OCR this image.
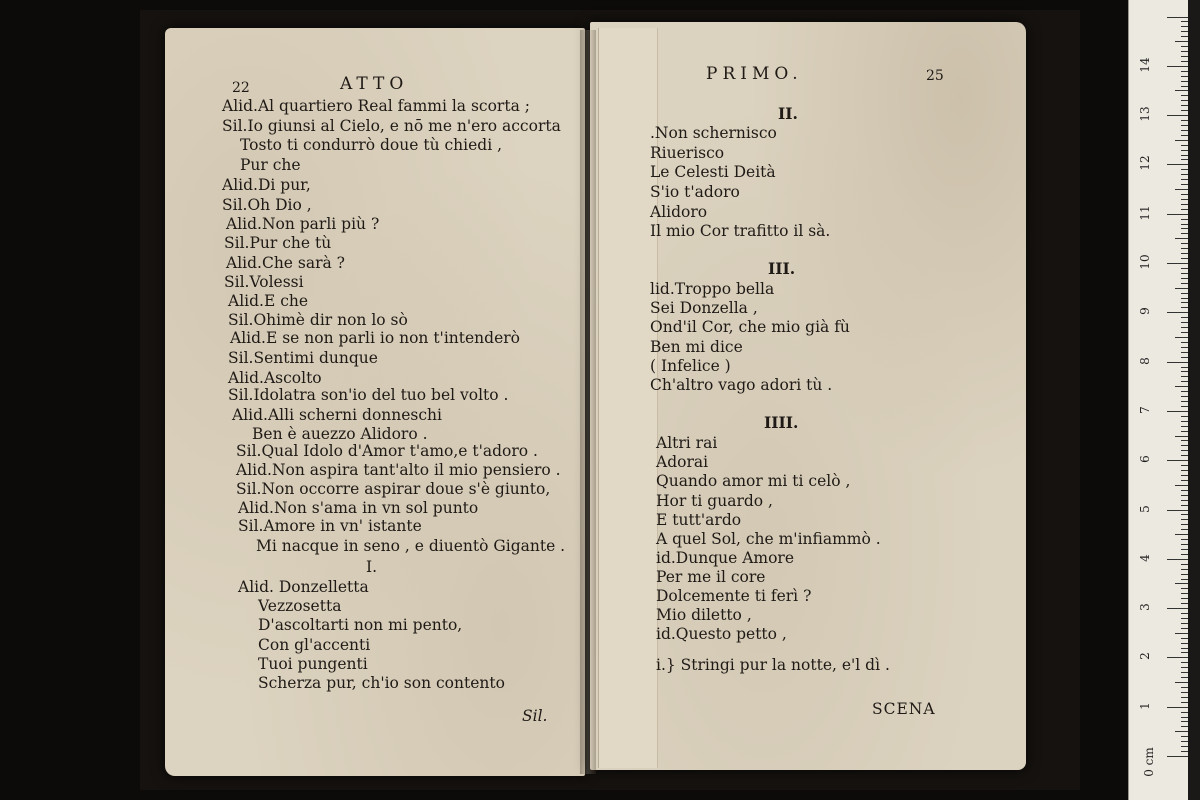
22	ATTO
Alid.Al quartiero Real fammi la scorta ;
Sil.Io giunsi al Cielo, e nō me n'ero accorta
Tosto ti condurrò doue tù chiedi ,
Pur che
Alid.Di pur,
Sil.Oh Dio ,
Alid.Non parli più ?
Sil.Pur che tù
Alid.Che sarà ?
Sil.Volessi
Alid.E che
Sil.Ohimè dir non lo sò
Alid.E se non parli io non t'intenderò
Sil.Sentimi dunque
Alid.Ascolto
Sil.Idolatra son'io del tuo bel volto .
Alid.Alli scherni donneschi
Ben è auezzo Alidoro .
Sil.Qual Idolo d'Amor t'amo,e t'adoro .
Alid.Non aspira tant'alto il mio pensiero .
Sil.Non occorre aspirar doue s'è giunto,
Alid.Non s'ama in vn sol punto
Sil.Amore in vn' istante
Mi nacque in seno , e diuentò Gigante .
I.
Alid. Donzelletta
Vezzosetta
D'ascoltarti non mi pento,
Con gl'accenti
Tuoi pungenti
Scherza pur, ch'io son contento
Sil.
PRIMO.	25
II.
.Non schernisco
Riuerisco
Le Celesti Deità
S'io t'adoro
Alidoro
Il mio Cor trafitto il sà.
III.
lid.Troppo bella
Sei Donzella ,
Ond'il Cor, che mio già fù
Ben mi dice
( Infelice )
Ch'altro vago adori tù .
IIII.
Altri rai
Adorai
Quando amor mi ti celò ,
Hor ti guardo ,
E tutt'ardo
A quel Sol, che m'infiammò .
id.Dunque Amore
Per me il core
Dolcemente ti ferì ?
Mio diletto ,
id.Questo petto ,
i.} Stringi pur la notte, e'l dì .
SCENA
0 cm
1
2
3
4
5
6
7
8
9
10
11
12
13
14
